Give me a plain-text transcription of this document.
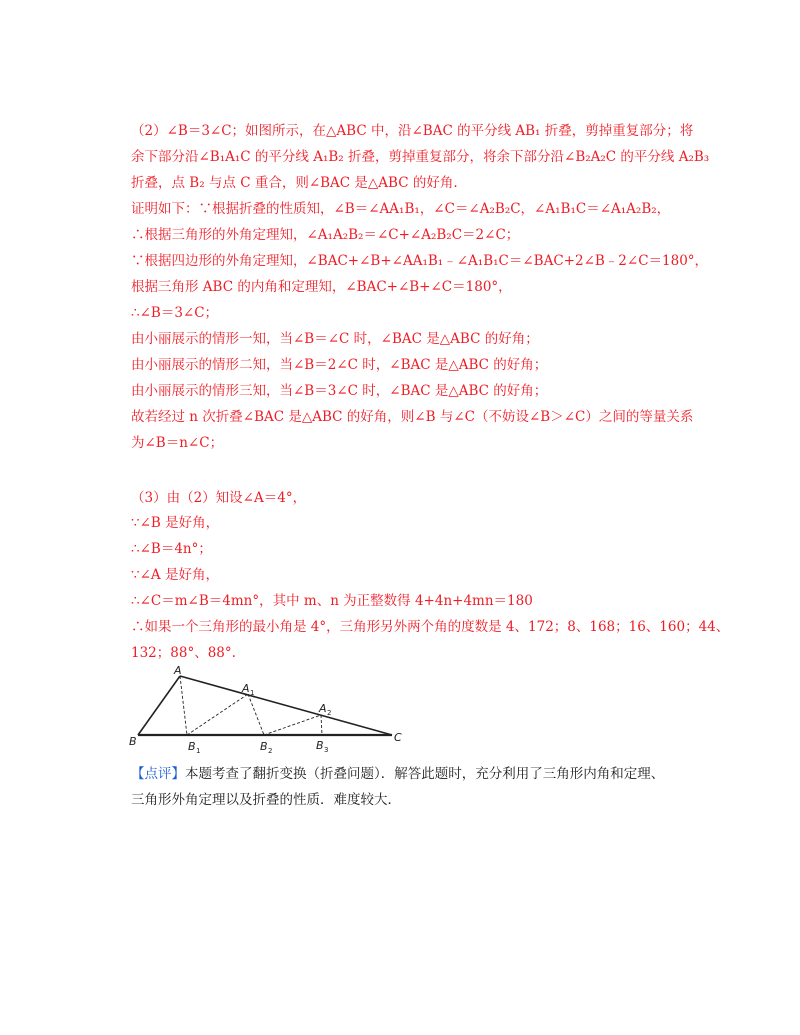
（2）∠B＝3∠C；如图所示，在△ABC 中，沿∠BAC 的平分线 AB₁ 折叠，剪掉重复部分；将
余下部分沿∠B₁A₁C 的平分线 A₁B₂ 折叠，剪掉重复部分，将余下部分沿∠B₂A₂C 的平分线 A₂B₃
折叠，点 B₂ 与点 C 重合，则∠BAC 是△ABC 的好角.
证明如下：∵根据折叠的性质知，∠B＝∠AA₁B₁，∠C＝∠A₂B₂C，∠A₁B₁C＝∠A₁A₂B₂，
∴根据三角形的外角定理知，∠A₁A₂B₂＝∠C+∠A₂B₂C＝2∠C；
∵根据四边形的外角定理知，∠BAC+∠B+∠AA₁B₁﹣∠A₁B₁C＝∠BAC+2∠B﹣2∠C＝180°，
根据三角形 ABC 的内角和定理知，∠BAC+∠B+∠C＝180°，
∴∠B＝3∠C；
由小丽展示的情形一知，当∠B＝∠C 时，∠BAC 是△ABC 的好角；
由小丽展示的情形二知，当∠B＝2∠C 时，∠BAC 是△ABC 的好角；
由小丽展示的情形三知，当∠B＝3∠C 时，∠BAC 是△ABC 的好角；
故若经过 n 次折叠∠BAC 是△ABC 的好角，则∠B 与∠C（不妨设∠B＞∠C）之间的等量关系
为∠B＝n∠C；
（3）由（2）知设∠A＝4°，
∵∠B 是好角，
∴∠B＝4n°；
∵∠A 是好角，
∴∠C＝m∠B＝4mn°，其中 m、n 为正整数得 4+4n+4mn＝180
∴如果一个三角形的最小角是 4°，三角形另外两个角的度数是 4、172；8、168；16、160；44、
132；88°、88°.
A
A 1
A 2
B	B 1	B 2	B 3
C
【点评】本题考查了翻折变换（折叠问题）．解答此题时，充分利用了三角形内角和定理、
三角形外角定理以及折叠的性质．难度较大．
